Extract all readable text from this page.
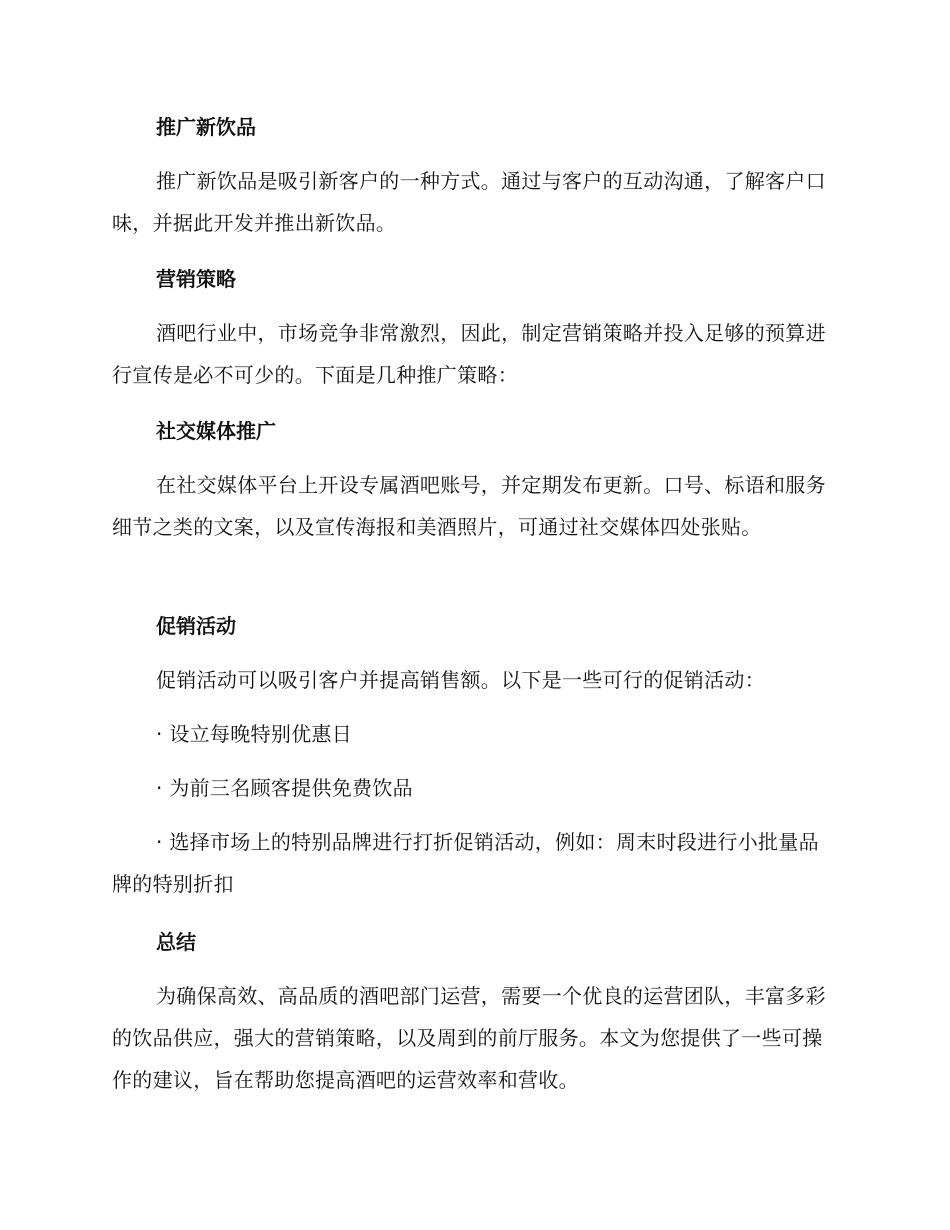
推广新饮品

推广新饮品是吸引新客户的一种方式。通过与客户的互动沟通，了解客户口味，并据此开发并推出新饮品。

营销策略

酒吧行业中，市场竞争非常激烈，因此，制定营销策略并投入足够的预算进行宣传是必不可少的。下面是几种推广策略：

社交媒体推广

在社交媒体平台上开设专属酒吧账号，并定期发布更新。口号、标语和服务细节之类的文案，以及宣传海报和美酒照片，可通过社交媒体四处张贴。

促销活动

促销活动可以吸引客户并提高销售额。以下是一些可行的促销活动：

· 设立每晚特别优惠日

· 为前三名顾客提供免费饮品

· 选择市场上的特别品牌进行打折促销活动，例如：周末时段进行小批量品牌的特别折扣

总结

为确保高效、高品质的酒吧部门运营，需要一个优良的运营团队，丰富多彩的饮品供应，强大的营销策略，以及周到的前厅服务。本文为您提供了一些可操作的建议，旨在帮助您提高酒吧的运营效率和营收。
